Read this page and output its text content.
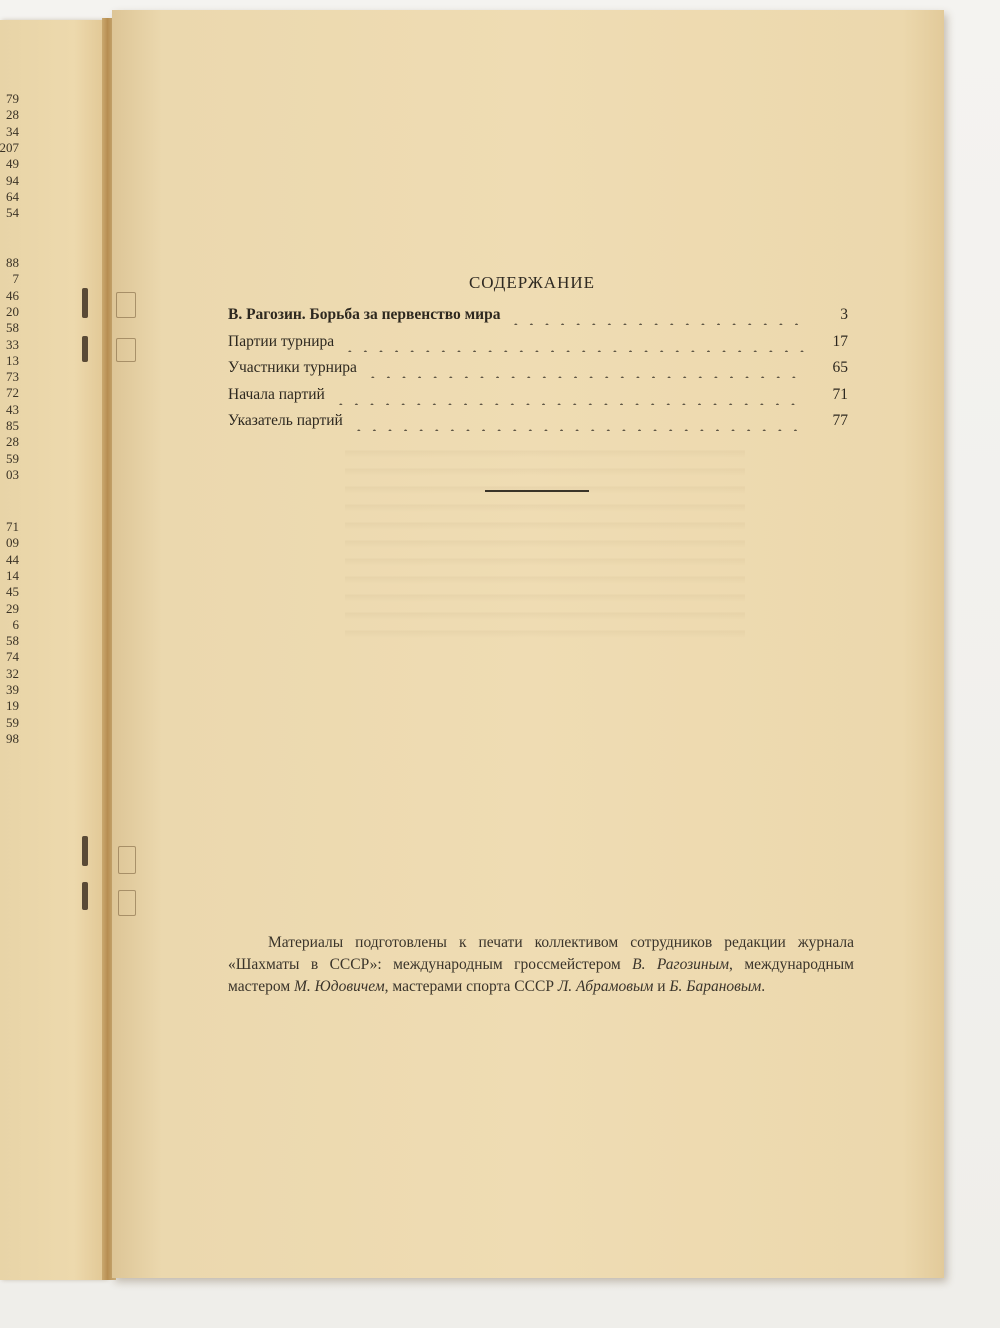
79
28
34
207
49
94
64
54
88
7
46
20
58
33
13
73
72
43
85
28
59
03
71
09
44
14
45
29
6
58
74
32
39
19
59
98
СОДЕРЖАНИЕ
В. Рагозин. Борьба за первенство мира	3
Партии турнира	17
Участники турнира	65
Начала партий	71
Указатель партий	77
Материалы подготовлены к печати коллективом сотрудников редакции журнала «Шахматы в СССР»: международным гроссмейстером В. Рагозиным, международным мастером М. Юдовичем, мастерами спорта СССР Л. Абрамовым и Б. Барановым.
